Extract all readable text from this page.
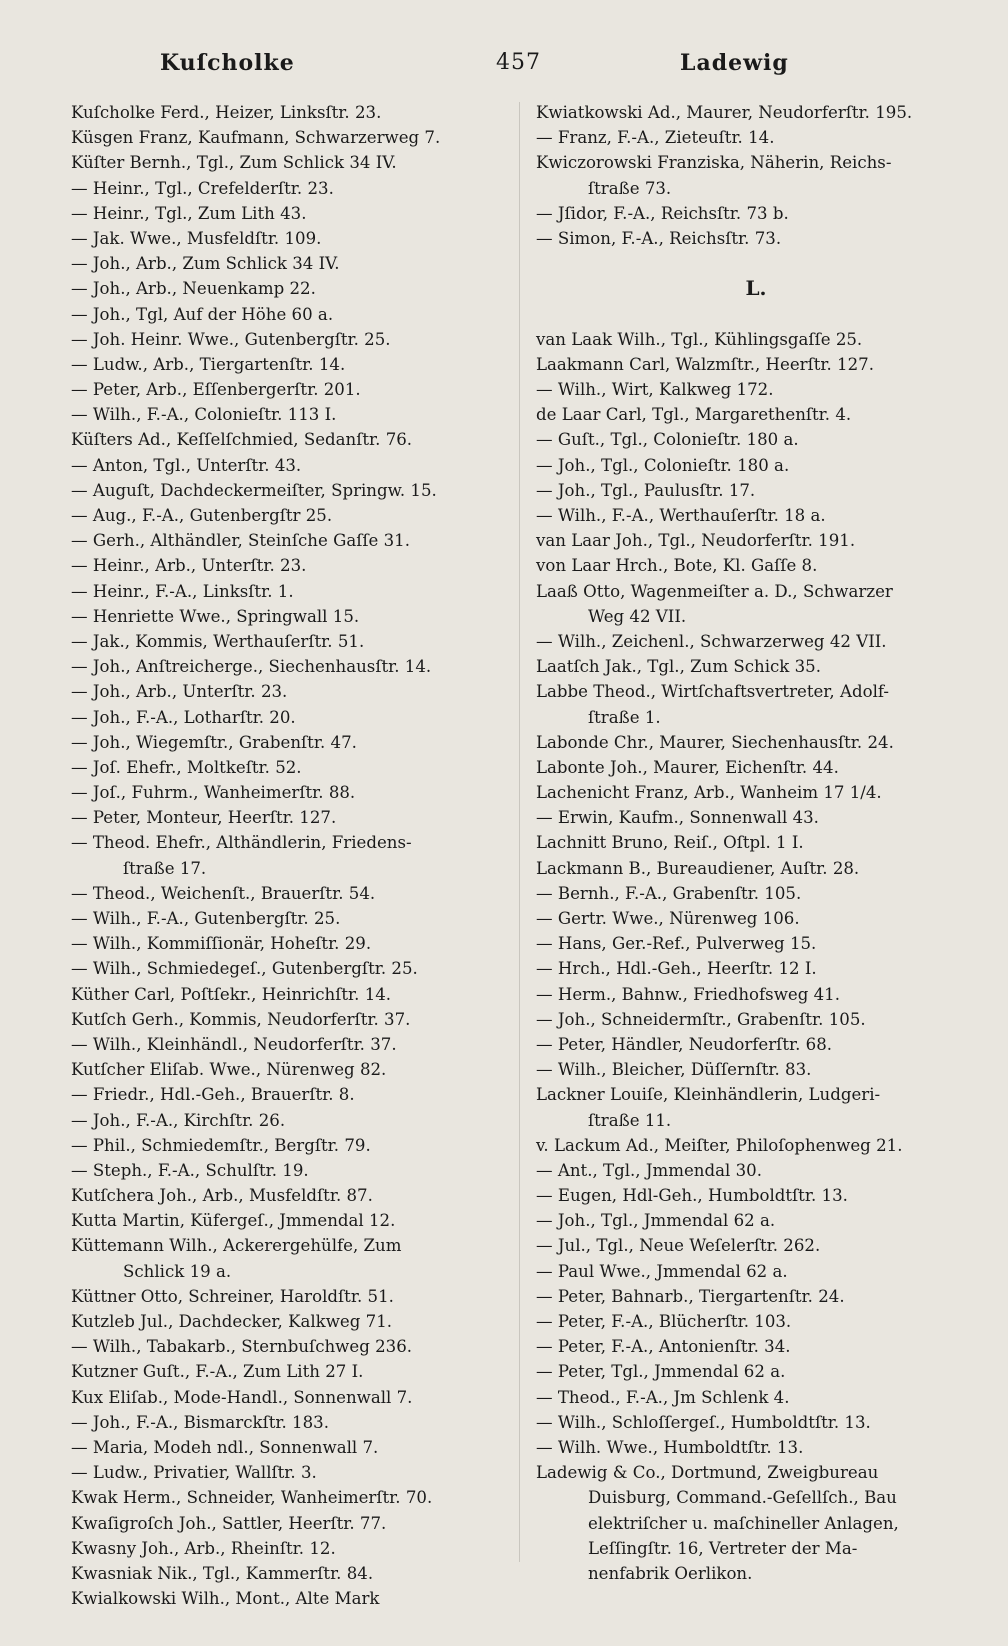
Kuſcholke	457	Ladewig
Kuſcholke Ferd., Heizer, Linksſtr. 23.
Küsgen Franz, Kaufmann, Schwarzerweg 7.
Küſter Bernh., Tgl., Zum Schlick 34 IV.
— Heinr., Tgl., Crefelderſtr. 23.
— Heinr., Tgl., Zum Lith 43.
— Jak. Wwe., Musfeldſtr. 109.
— Joh., Arb., Zum Schlick 34 IV.
— Joh., Arb., Neuenkamp 22.
— Joh., Tgl, Auf der Höhe 60 a.
— Joh. Heinr. Wwe., Gutenbergſtr. 25.
— Ludw., Arb., Tiergartenſtr. 14.
— Peter, Arb., Eſſenbergerſtr. 201.
— Wilh., F.-A., Colonieſtr. 113 I.
Küſters Ad., Keſſelſchmied, Sedanſtr. 76.
— Anton, Tgl., Unterſtr. 43.
— Auguſt, Dachdeckermeiſter, Springw. 15.
— Aug., F.-A., Gutenbergſtr 25.
— Gerh., Althändler, Steinſche Gaſſe 31.
— Heinr., Arb., Unterſtr. 23.
— Heinr., F.-A., Linksſtr. 1.
— Henriette Wwe., Springwall 15.
— Jak., Kommis, Werthauſerſtr. 51.
— Joh., Anſtreicherge., Siechenhausſtr. 14.
— Joh., Arb., Unterſtr. 23.
— Joh., F.-A., Lotharſtr. 20.
— Joh., Wiegemſtr., Grabenſtr. 47.
— Joſ. Ehefr., Moltkeſtr. 52.
— Joſ., Fuhrm., Wanheimerſtr. 88.
— Peter, Monteur, Heerſtr. 127.
— Theod. Ehefr., Althändlerin, Friedens-
ſtraße 17.
— Theod., Weichenſt., Brauerſtr. 54.
— Wilh., F.-A., Gutenbergſtr. 25.
— Wilh., Kommiſſionär, Hoheſtr. 29.
— Wilh., Schmiedegeſ., Gutenbergſtr. 25.
Küther Carl, Poſtſekr., Heinrichſtr. 14.
Kutſch Gerh., Kommis, Neudorferſtr. 37.
— Wilh., Kleinhändl., Neudorferſtr. 37.
Kutſcher Eliſab. Wwe., Nürenweg 82.
— Friedr., Hdl.-Geh., Brauerſtr. 8.
— Joh., F.-A., Kirchſtr. 26.
— Phil., Schmiedemſtr., Bergſtr. 79.
— Steph., F.-A., Schulſtr. 19.
Kutſchera Joh., Arb., Musfeldſtr. 87.
Kutta Martin, Küfergeſ., Jmmendal 12.
Küttemann Wilh., Ackerergehülfe, Zum
Schlick 19 a.
Küttner Otto, Schreiner, Haroldſtr. 51.
Kutzleb Jul., Dachdecker, Kalkweg 71.
— Wilh., Tabakarb., Sternbuſchweg 236.
Kutzner Guſt., F.-A., Zum Lith 27 I.
Kux Eliſab., Mode-Handl., Sonnenwall 7.
— Joh., F.-A., Bismarckſtr. 183.
— Maria, Modeh ndl., Sonnenwall 7.
— Ludw., Privatier, Wallſtr. 3.
Kwak Herm., Schneider, Wanheimerſtr. 70.
Kwaſigroſch Joh., Sattler, Heerſtr. 77.
Kwasny Joh., Arb., Rheinſtr. 12.
Kwasniak Nik., Tgl., Kammerſtr. 84.
Kwialkowski Wilh., Mont., Alte Mark
Kwiatkowski Ad., Maurer, Neudorferſtr. 195.
— Franz, F.-A., Zieteuſtr. 14.
Kwiczorowski Franziska, Näherin, Reichs-
ſtraße 73.
— Jſidor, F.-A., Reichsſtr. 73 b.
— Simon, F.-A., Reichsſtr. 73.
L.
van Laak Wilh., Tgl., Kühlingsgaſſe 25.
Laakmann Carl, Walzmſtr., Heerſtr. 127.
— Wilh., Wirt, Kalkweg 172.
de Laar Carl, Tgl., Margarethenſtr. 4.
— Guſt., Tgl., Colonieſtr. 180 a.
— Joh., Tgl., Colonieſtr. 180 a.
— Joh., Tgl., Paulusſtr. 17.
— Wilh., F.-A., Werthauſerſtr. 18 a.
van Laar Joh., Tgl., Neudorferſtr. 191.
von Laar Hrch., Bote, Kl. Gaſſe 8.
Laaß Otto, Wagenmeiſter a. D., Schwarzer
Weg 42 VII.
— Wilh., Zeichenl., Schwarzerweg 42 VII.
Laatſch Jak., Tgl., Zum Schick 35.
Labbe Theod., Wirtſchaftsvertreter, Adolf-
ſtraße 1.
Labonde Chr., Maurer, Siechenhausſtr. 24.
Labonte Joh., Maurer, Eichenſtr. 44.
Lachenicht Franz, Arb., Wanheim 17 1/4.
— Erwin, Kaufm., Sonnenwall 43.
Lachnitt Bruno, Reiſ., Oſtpl. 1 I.
Lackmann B., Bureaudiener, Auſtr. 28.
— Bernh., F.-A., Grabenſtr. 105.
— Gertr. Wwe., Nürenweg 106.
— Hans, Ger.-Ref., Pulverweg 15.
— Hrch., Hdl.-Geh., Heerſtr. 12 I.
— Herm., Bahnw., Friedhofsweg 41.
— Joh., Schneidermſtr., Grabenſtr. 105.
— Peter, Händler, Neudorferſtr. 68.
— Wilh., Bleicher, Düſſernſtr. 83.
Lackner Louiſe, Kleinhändlerin, Ludgeri-
ſtraße 11.
v. Lackum Ad., Meiſter, Philoſophenweg 21.
— Ant., Tgl., Jmmendal 30.
— Eugen, Hdl-Geh., Humboldtſtr. 13.
— Joh., Tgl., Jmmendal 62 a.
— Jul., Tgl., Neue Weſelerſtr. 262.
— Paul Wwe., Jmmendal 62 a.
— Peter, Bahnarb., Tiergartenſtr. 24.
— Peter, F.-A., Blücherſtr. 103.
— Peter, F.-A., Antonienſtr. 34.
— Peter, Tgl., Jmmendal 62 a.
— Theod., F.-A., Jm Schlenk 4.
— Wilh., Schloſſergeſ., Humboldtſtr. 13.
— Wilh. Wwe., Humboldtſtr. 13.
Ladewig & Co., Dortmund, Zweigbureau
Duisburg, Command.-Geſellſch., Bau
elektriſcher u. maſchineller Anlagen,
Leſſingſtr. 16, Vertreter der Ma-
nenfabrik Oerlikon.
